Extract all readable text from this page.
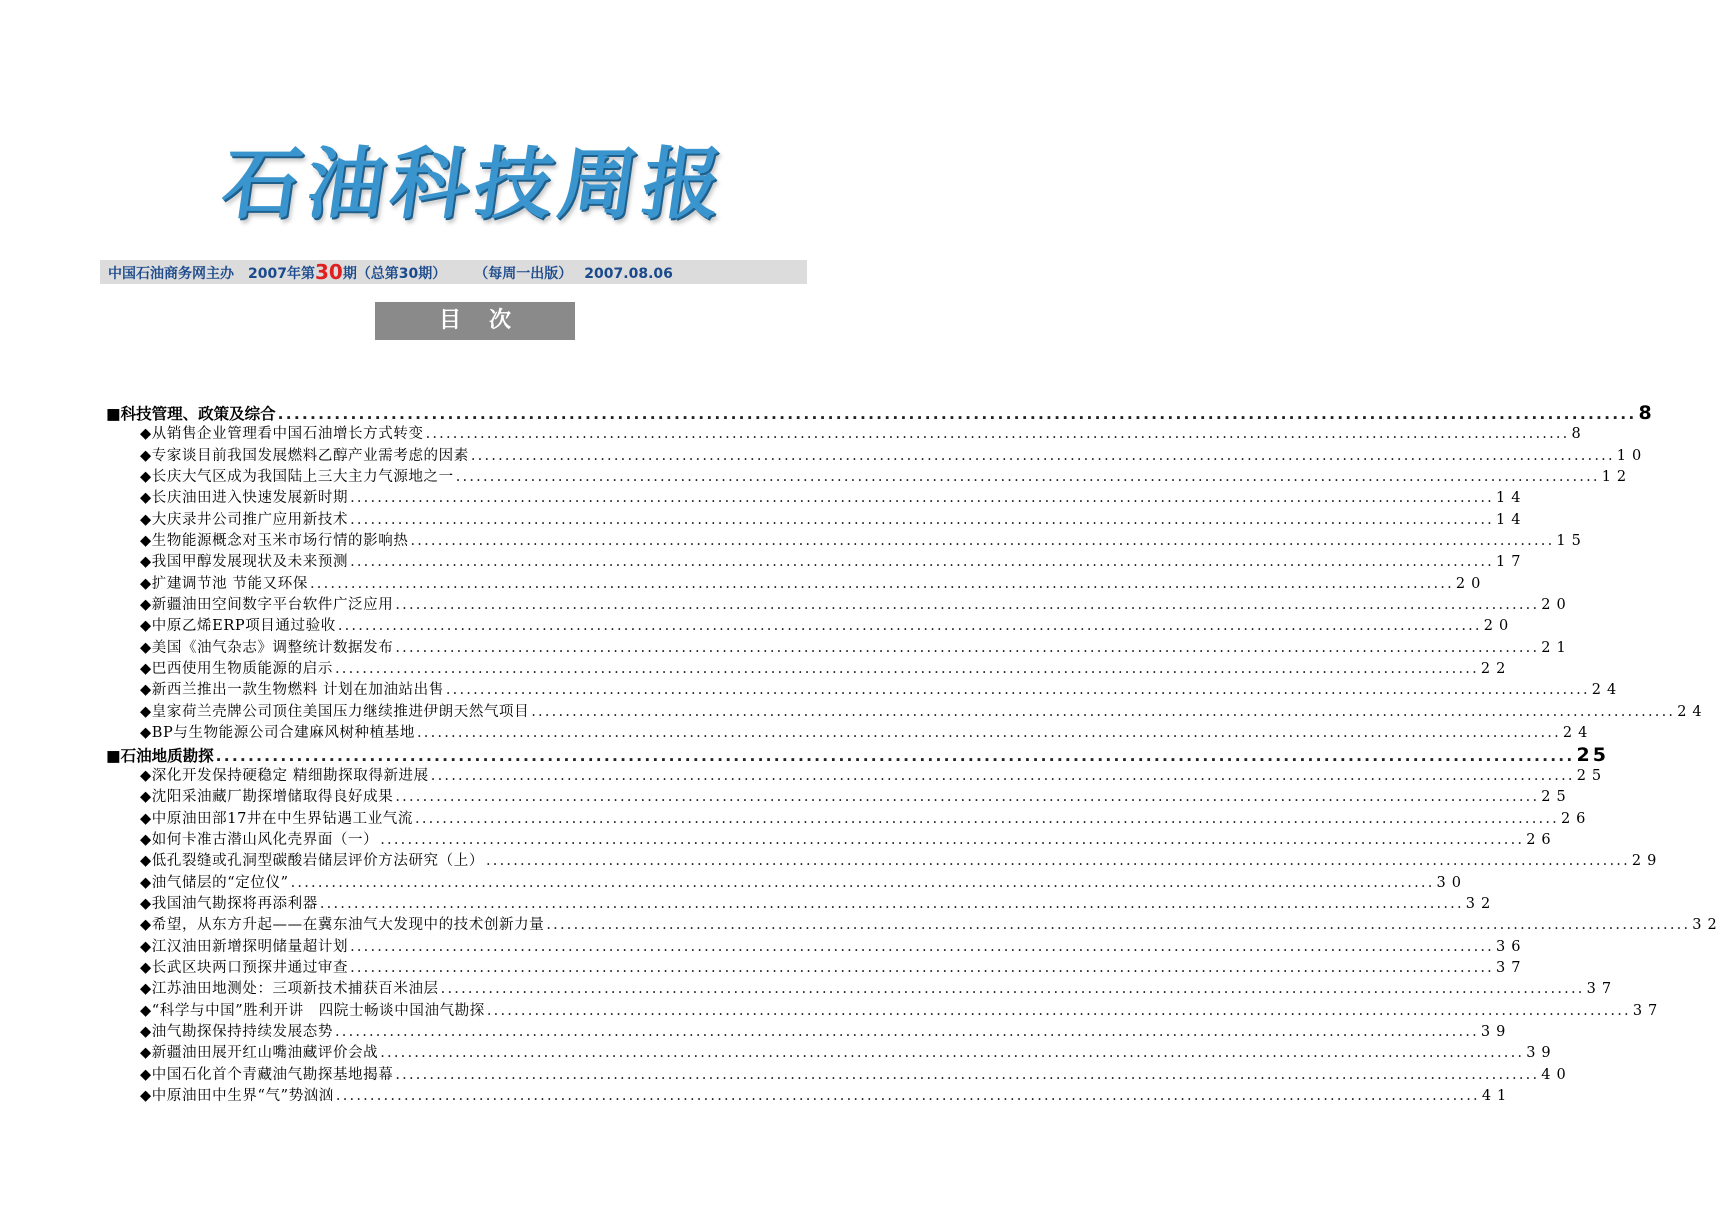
石油科技周报
中国石油商务网主办　2007年第30期（总第30期） （每周一出版） 2007.08.06
目次
■科技管理、政策及综合 .....	8
◆从销售企业管理看中国石油增长方式转变 .....	8
◆专家谈目前我国发展燃料乙醇产业需考虑的因素 .....	10
◆长庆大气区成为我国陆上三大主力气源地之一 .....	12
◆长庆油田进入快速发展新时期 .....	14
◆大庆录井公司推广应用新技术 .....	14
◆生物能源概念对玉米市场行情的影响热 .....	15
◆我国甲醇发展现状及未来预测 .....	17
◆扩建调节池 节能又环保 .....	20
◆新疆油田空间数字平台软件广泛应用 .....	20
◆中原乙烯ERP项目通过验收 .....	20
◆美国《油气杂志》调整统计数据发布 .....	21
◆巴西使用生物质能源的启示 .....	22
◆新西兰推出一款生物燃料 计划在加油站出售 .....	24
◆皇家荷兰壳牌公司顶住美国压力继续推进伊朗天然气项目 .....	24
◆BP与生物能源公司合建麻风树种植基地 .....	24
■石油地质勘探 .....	25
◆深化开发保持硬稳定 精细勘探取得新进展 .....	25
◆沈阳采油藏厂勘探增储取得良好成果 .....	25
◆中原油田部17井在中生界钻遇工业气流 .....	26
◆如何卡准古潜山风化壳界面（一） .....	26
◆低孔裂缝或孔洞型碳酸岩储层评价方法研究（上） .....	29
◆油气储层的“定位仪” .....	30
◆我国油气勘探将再添利器 .....	32
◆希望，从东方升起——在冀东油气大发现中的技术创新力量 .....	32
◆江汉油田新增探明储量超计划 .....	36
◆长武区块两口预探井通过审查 .....	37
◆江苏油田地测处：三项新技术捕获百米油层 .....	37
◆“科学与中国”胜利开讲　四院士畅谈中国油气勘探 .....	37
◆油气勘探保持持续发展态势 .....	39
◆新疆油田展开红山嘴油藏评价会战 .....	39
◆中国石化首个青藏油气勘探基地揭幕 .....	40
◆中原油田中生界“气”势汹汹 .....	41
